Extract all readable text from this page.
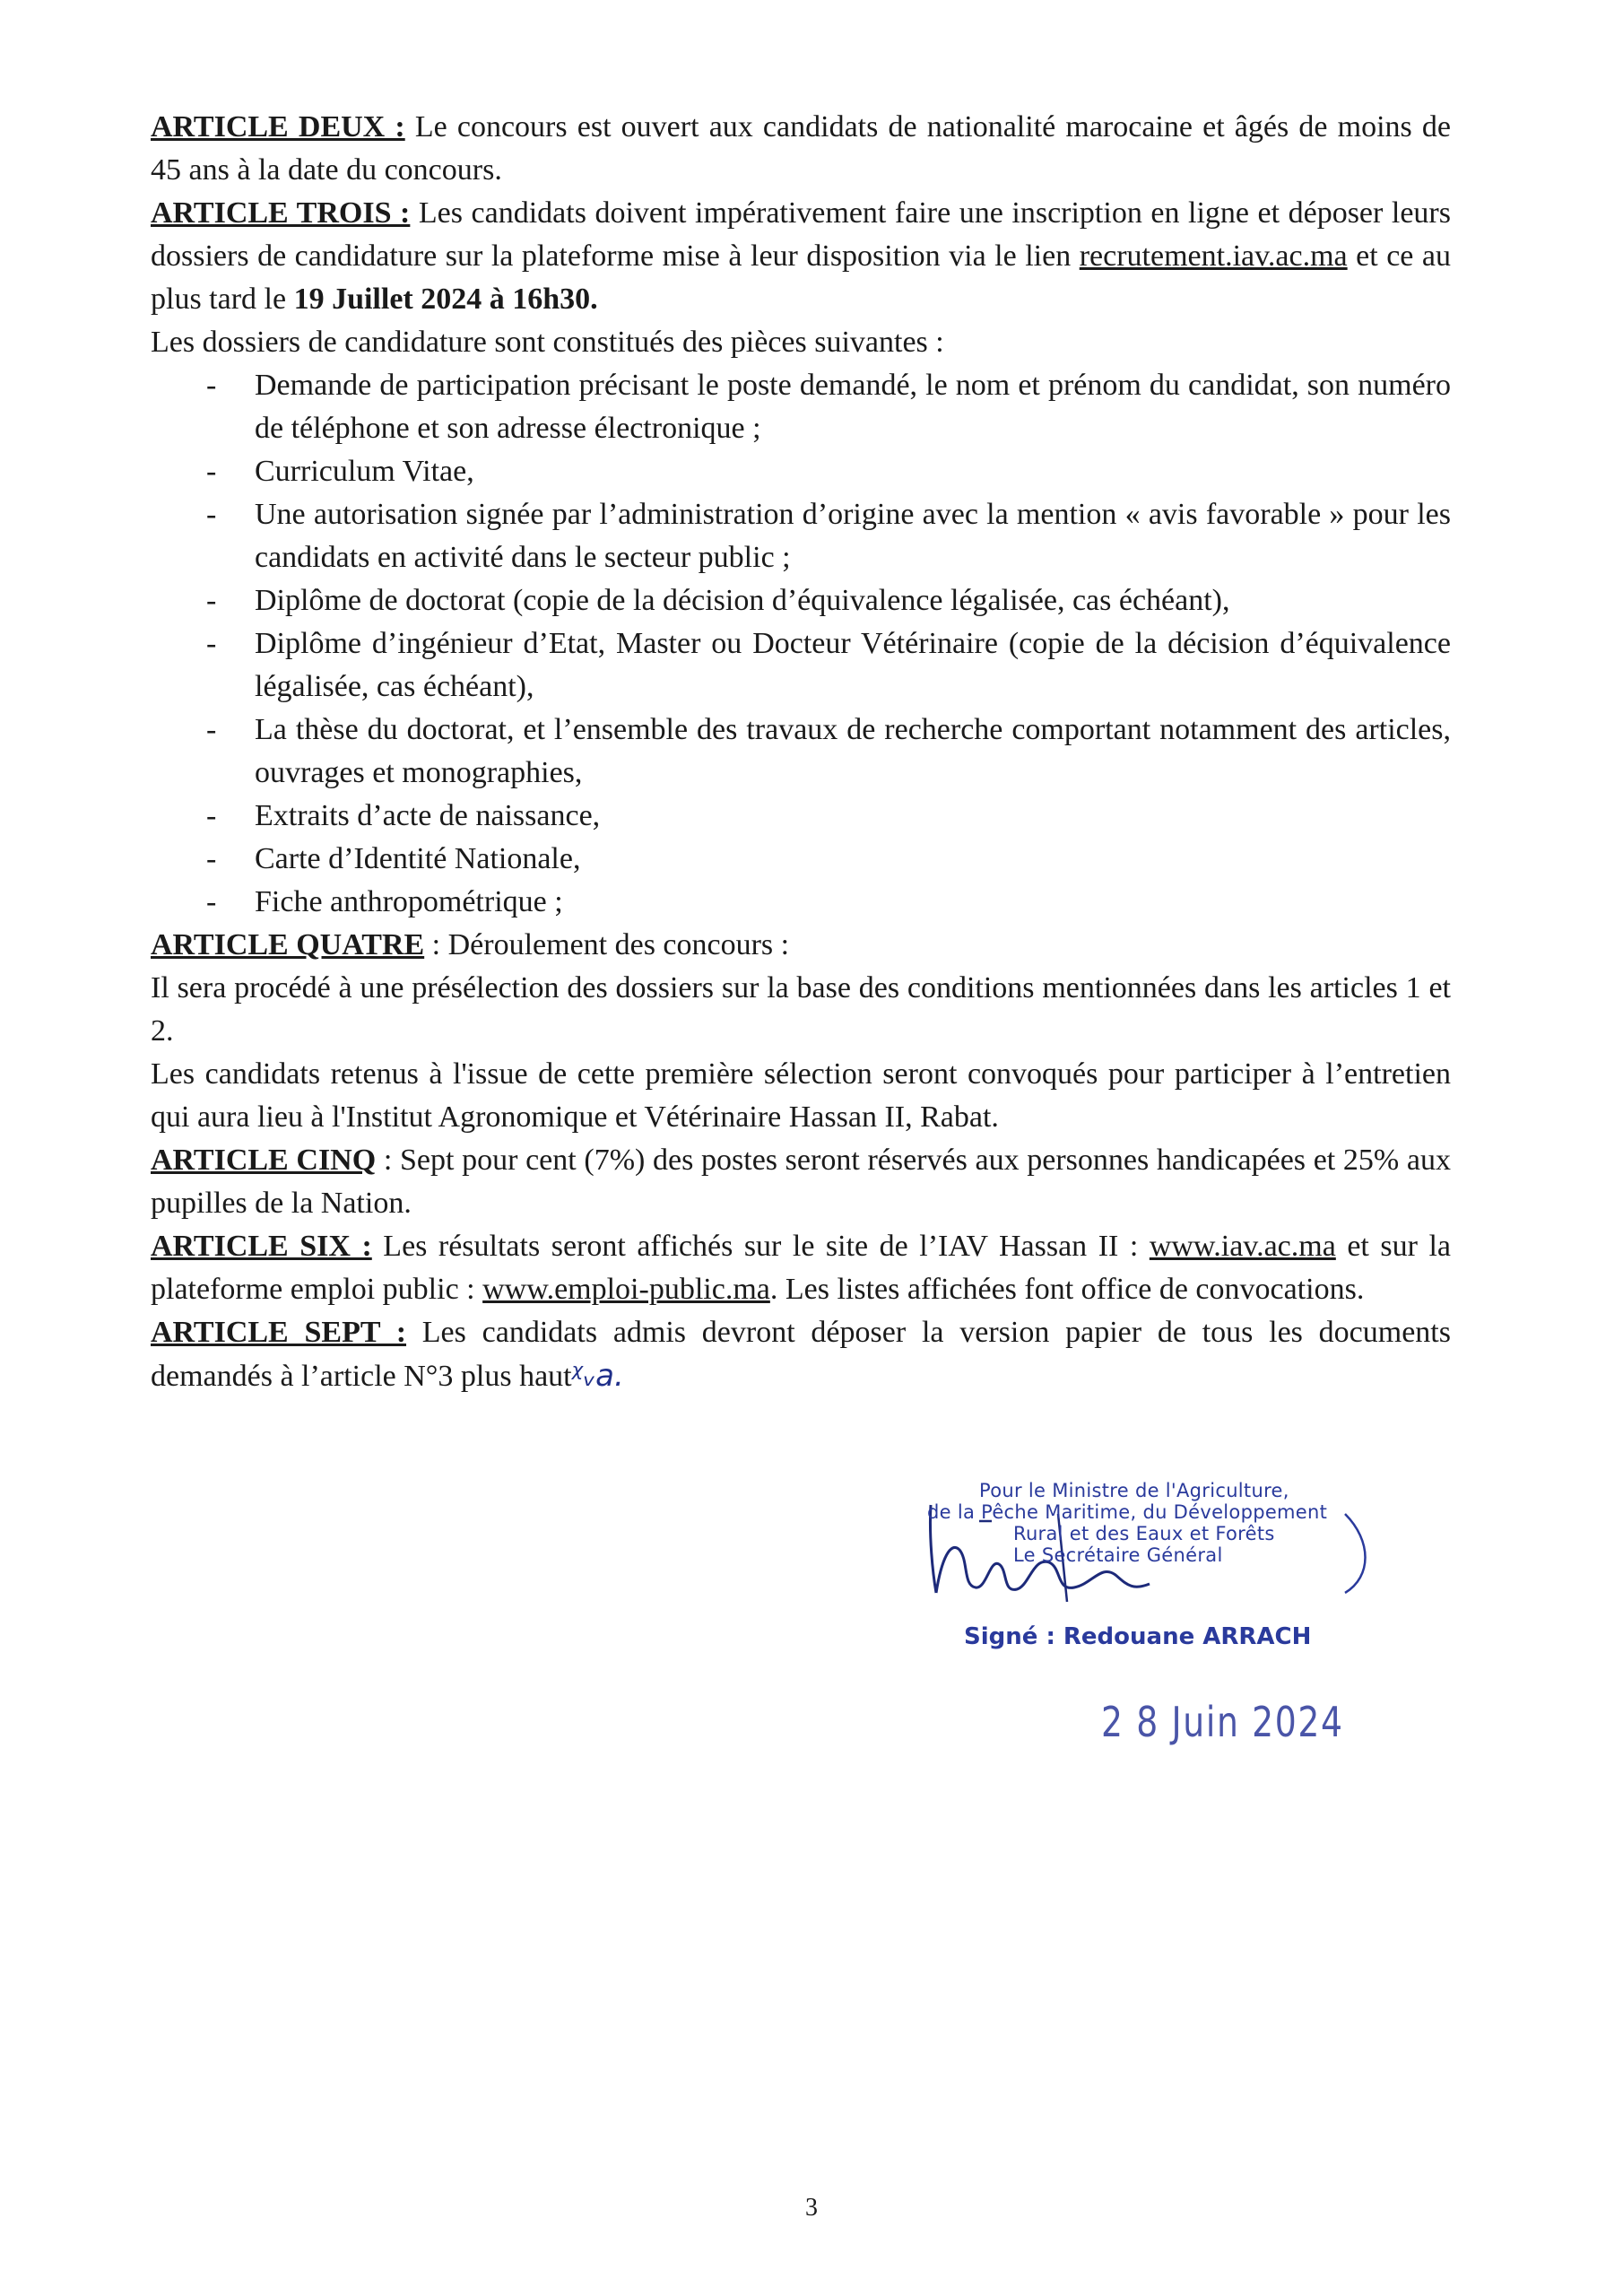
ARTICLE DEUX : Le concours est ouvert aux candidats de nationalité marocaine et âgés de moins de 45 ans à la date du concours.

ARTICLE TROIS : Les candidats doivent impérativement faire une inscription en ligne et déposer leurs dossiers de candidature sur la plateforme mise à leur disposition via le lien recrutement.iav.ac.ma et ce au plus tard le 19 Juillet 2024 à 16h30.

Les dossiers de candidature sont constitués des pièces suivantes :

- Demande de participation précisant le poste demandé, le nom et prénom du candidat, son numéro de téléphone et son adresse électronique ;
- Curriculum Vitae,
- Une autorisation signée par l’administration d’origine avec la mention « avis favorable » pour les candidats en activité dans le secteur public ;
- Diplôme de doctorat (copie de la décision d’équivalence légalisée, cas échéant),
- Diplôme d’ingénieur d’Etat, Master ou Docteur Vétérinaire (copie de la décision d’équivalence légalisée, cas échéant),
- La thèse du doctorat, et l’ensemble des travaux de recherche comportant notamment des articles, ouvrages et monographies,
- Extraits d’acte de naissance,
- Carte d’Identité Nationale,
- Fiche anthropométrique ;

ARTICLE QUATRE : Déroulement des concours :

Il sera procédé à une présélection des dossiers sur la base des conditions mentionnées dans les articles 1 et 2.

Les candidats retenus à l'issue de cette première sélection seront convoqués pour participer à l’entretien qui aura lieu à l'Institut Agronomique et Vétérinaire Hassan II, Rabat.

ARTICLE CINQ : Sept pour cent (7%) des postes seront réservés aux personnes handicapées et 25% aux pupilles de la Nation.

ARTICLE SIX : Les résultats seront affichés sur le site de l’IAV Hassan II : www.iav.ac.ma et sur la plateforme emploi public : www.emploi-public.ma. Les listes affichées font office de convocations.

ARTICLE SEPT : Les candidats admis devront déposer la version papier de tous les documents demandés à l’article N°3 plus hautᵡᵥa.

Pour le Ministre de l'Agriculture,
de la Pêche Maritime, du Développement
Rural et des Eaux et Forêts
Le Secrétaire Général
Signé : Redouane ARRACH
2 8 Juin 2024
3
